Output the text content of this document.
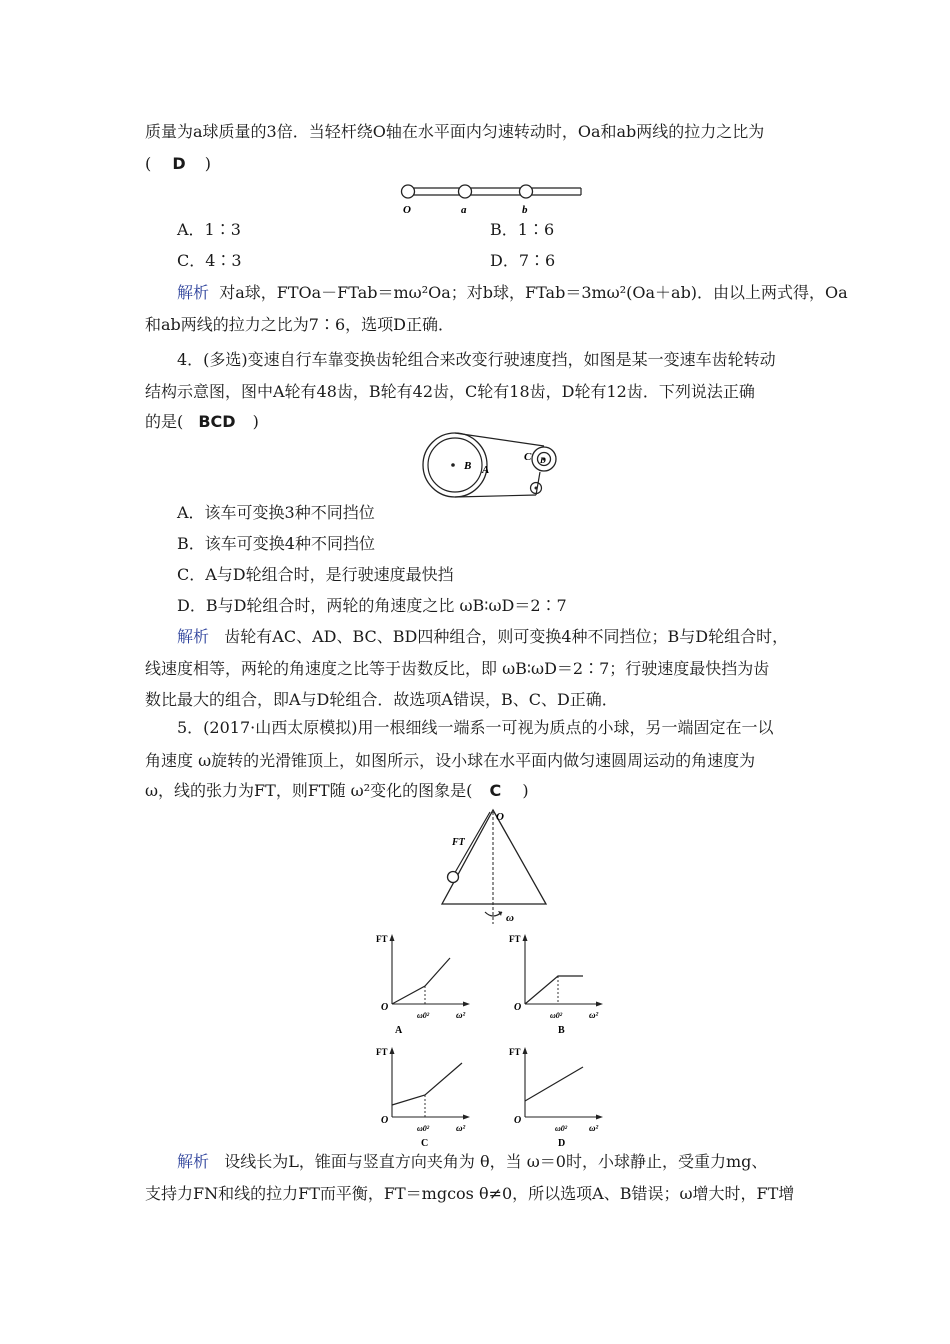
质量为a球质量的3倍．当轻杆绕O轴在水平面内匀速转动时，Oa和ab两线的拉力之比为
( D )
O	a	b
A．1∶3	B．1∶6
C．4∶3	D．7∶6
解析 对a球，FTOa－FTab＝mω²Oa；对b球，FTab＝3mω²(Oa＋ab)．由以上两式得，Oa
和ab两线的拉力之比为7∶6，选项D正确．
4．(多选)变速自行车靠变换齿轮组合来改变行驶速度挡，如图是某一变速车齿轮转动
结构示意图，图中A轮有48齿，B轮有42齿，C轮有18齿，D轮有12齿．下列说法正确
的是( BCD )
B A
C D
A．该车可变换3种不同挡位
B．该车可变换4种不同挡位
C．A与D轮组合时，是行驶速度最快挡
D．B与D轮组合时，两轮的角速度之比 ωB∶ωD＝2∶7
解析 齿轮有AC、AD、BC、BD四种组合，则可变换4种不同挡位；B与D轮组合时，
线速度相等，两轮的角速度之比等于齿数反比，即 ωB∶ωD＝2∶7；行驶速度最快挡为齿
数比最大的组合，即A与D轮组合．故选项A错误，B、C、D正确．
5．(2017·山西太原模拟)用一根细线一端系一可视为质点的小球，另一端固定在一以
角速度 ω旋转的光滑锥顶上，如图所示，设小球在水平面内做匀速圆周运动的角速度为
ω，线的张力为FT，则FT随 ω²变化的图象是( C )
O
FT
ω
FT
O
ω0²	ω²
A
FT
O
ω0²	ω²
B
FT
O
ω0²	ω²
C
FT
O
ω0² ω²
D
解析 设线长为L，锥面与竖直方向夹角为 θ，当 ω＝0时，小球静止，受重力mg、
支持力FN和线的拉力FT而平衡，FT＝mgcos θ≠0，所以选项A、B错误；ω增大时，FT增
